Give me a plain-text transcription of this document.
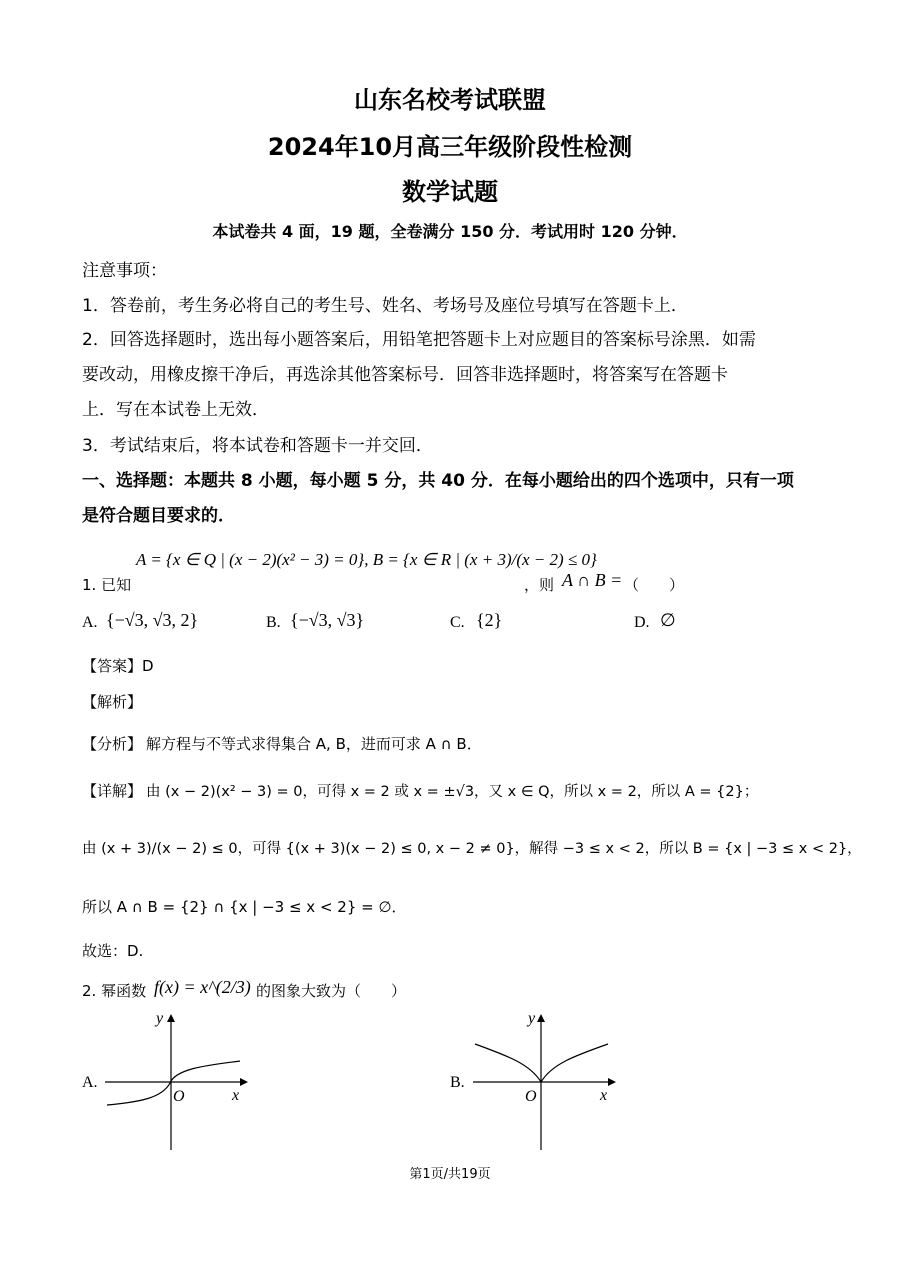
山东名校考试联盟
2024年10月高三年级阶段性检测
数学试题
本试卷共 4 面，19 题，全卷满分 150 分．考试用时 120 分钟．
注意事项：
1．答卷前，考生务必将自己的考生号、姓名、考场号及座位号填写在答题卡上．
2．回答选择题时，选出每小题答案后，用铅笔把答题卡上对应题目的答案标号涂黑．如需
要改动，用橡皮擦干净后，再选涂其他答案标号．回答非选择题时，将答案写在答题卡
上．写在本试卷上无效．
3．考试结束后，将本试卷和答题卡一并交回．
一、选择题：本题共 8 小题，每小题 5 分，共 40 分．在每小题给出的四个选项中，只有一项
是符合题目要求的．
A = {x ∈ Q | (x − 2)(x² − 3) = 0}, B = {x ∈ R | (x + 3)/(x − 2) ≤ 0}
1. 已知	，则 A ∩ B = （　　）
A. {−√3, √3, 2}	B. {−√3, √3}	C. {2}	D. ∅
【答案】D
【解析】
【分析】 解方程与不等式求得集合 A, B，进而可求 A ∩ B．
【详解】 由 (x − 2)(x² − 3) = 0，可得 x = 2 或 x = ±√3，又 x ∈ Q，所以 x = 2，所以 A = {2}；
由 (x + 3)/(x − 2) ≤ 0，可得 {(x + 3)(x − 2) ≤ 0, x − 2 ≠ 0}，解得 −3 ≤ x < 2，所以 B = {x | −3 ≤ x < 2}，
所以 A ∩ B = {2} ∩ {x | −3 ≤ x < 2} = ∅．
故选：D.
2. 幂函数 f(x) = x^(2/3) 的图象大致为（　　）
A.
y
x
O
B.
y
x
O
第1页/共19页
